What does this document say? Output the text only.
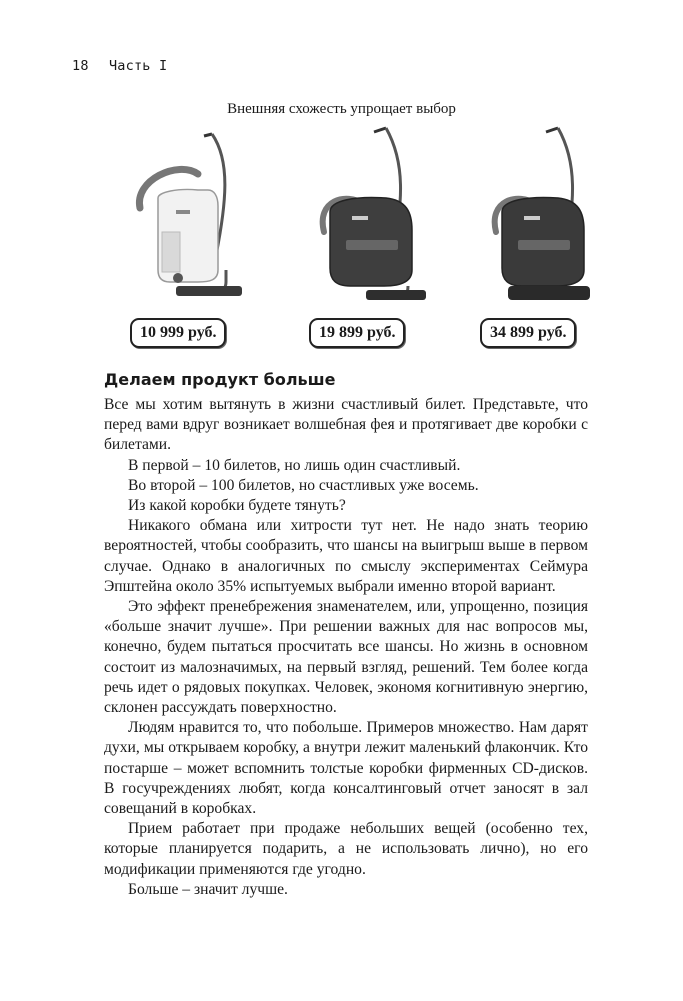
18 Часть I
Внешняя схожесть упрощает выбор
10 999 руб.	19 899 руб.	34 899 руб.
Делаем продукт больше

Все мы хотим вытянуть в жизни счастливый билет. Представьте, что перед вами вдруг возникает волшебная фея и протягивает две коробки с билетами.

В первой – 10 билетов, но лишь один счастливый.

Во второй – 100 билетов, но счастливых уже восемь.

Из какой коробки будете тянуть?

Никакого обмана или хитрости тут нет. Не надо знать теорию вероятностей, чтобы сообразить, что шансы на выигрыш выше в первом случае. Однако в аналогичных по смыслу экспериментах Сеймура Эпштейна около 35% испытуемых выбрали именно второй вариант.

Это эффект пренебрежения знаменателем, или, упрощенно, позиция «больше значит лучше». При решении важных для нас вопросов мы, конечно, будем пытаться просчитать все шансы. Но жизнь в основном состоит из малозначимых, на первый взгляд, решений. Тем более когда речь идет о рядовых покупках. Человек, экономя когнитивную энергию, склонен рассуждать поверхностно.

Людям нравится то, что побольше. Примеров множество. Нам дарят духи, мы открываем коробку, а внутри лежит маленький флакончик. Кто постарше – может вспомнить толстые коробки фирменных CD-дисков. В госучреждениях любят, когда консалтинговый отчет заносят в зал совещаний в коробках.

Прием работает при продаже небольших вещей (особенно тех, которые планируется подарить, а не использовать лично), но его модификации применяются где угодно.

Больше – значит лучше.
